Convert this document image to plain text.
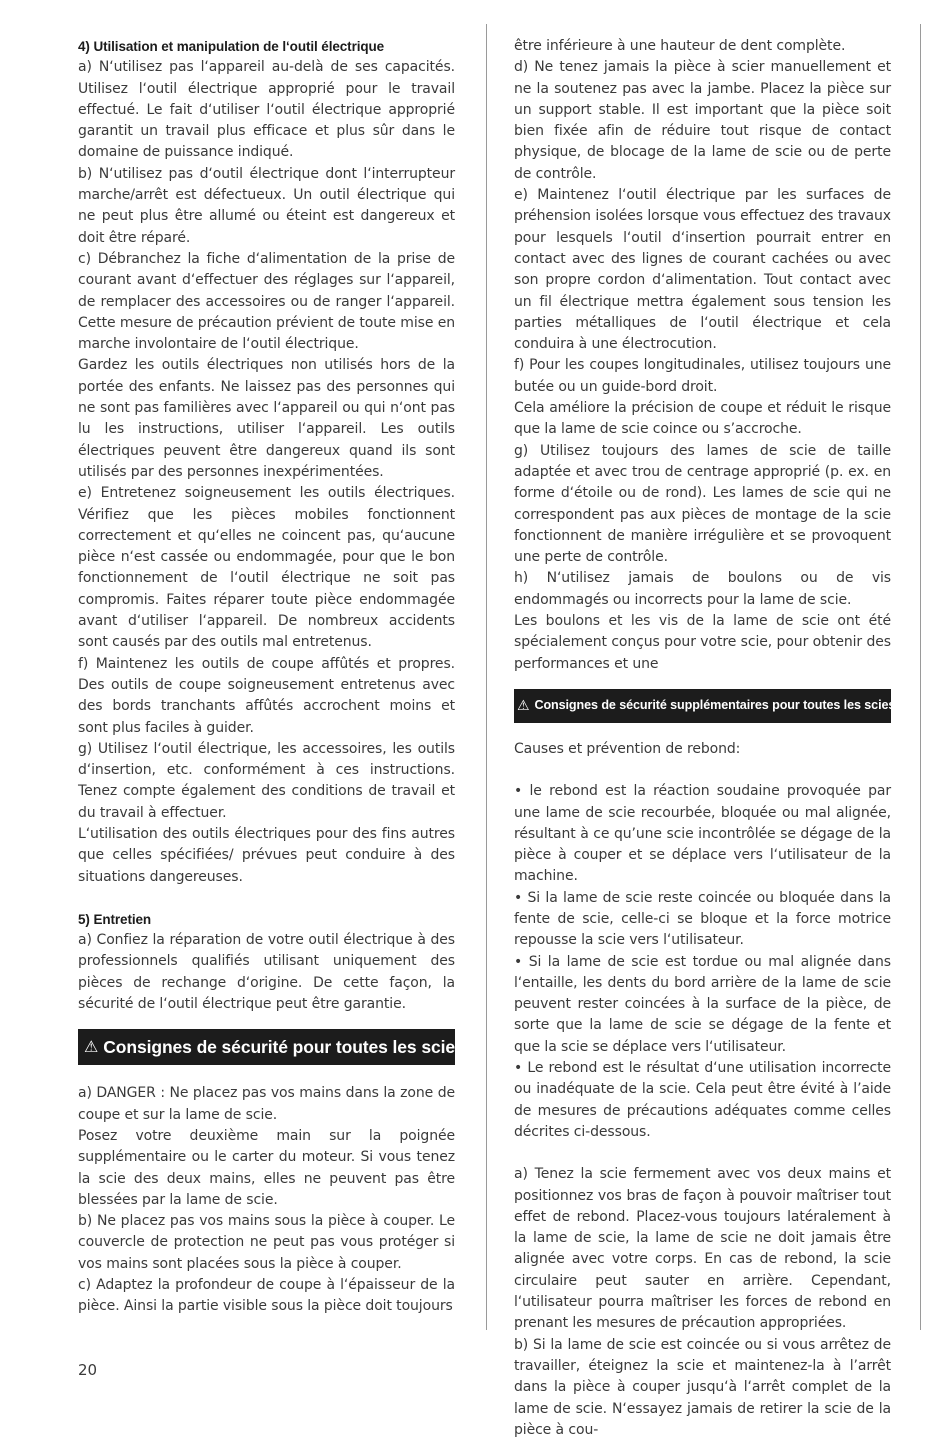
4) Utilisation et manipulation de l‘outil électrique

a) N‘utilisez pas l‘appareil au-delà de ses capacités. Utilisez l‘outil électrique approprié pour le travail effectué. Le fait d‘utiliser l‘outil électrique approprié garantit un travail plus efficace et plus sûr dans le domaine de puissance indiqué.

b) N‘utilisez pas d‘outil électrique dont l‘interrupteur marche/arrêt est défectueux. Un outil électrique qui ne peut plus être allumé ou éteint est dangereux et doit être réparé.

c) Débranchez la fiche d‘alimentation de la prise de courant avant d‘effectuer des réglages sur l‘appareil, de remplacer des accessoires ou de ranger l‘appareil. Cette mesure de précaution prévient de toute mise en marche involontaire de l‘outil électrique.

Gardez les outils électriques non utilisés hors de la portée des enfants. Ne laissez pas des personnes qui ne sont pas familières avec l‘appareil ou qui n‘ont pas lu les instructions, utiliser l‘appareil. Les outils électriques peuvent être dangereux quand ils sont utilisés par des personnes inexpérimentées.

e) Entretenez soigneusement les outils électriques. Vérifiez que les pièces mobiles fonctionnent correctement et qu‘elles ne coincent pas, qu‘aucune pièce n‘est cassée ou endommagée, pour que le bon fonctionnement de l‘outil électrique ne soit pas compromis. Faites réparer toute pièce endommagée avant d‘utiliser l‘appareil. De nombreux accidents sont causés par des outils mal entretenus.

f) Maintenez les outils de coupe affûtés et propres. Des outils de coupe soigneusement entretenus avec des bords tranchants affûtés accrochent moins et sont plus faciles à guider.

g) Utilisez l‘outil électrique, les accessoires, les outils d‘insertion, etc. conformément à ces instructions. Tenez compte également des conditions de travail et du travail à effectuer.

L‘utilisation des outils électriques pour des fins autres que celles spécifiées/ prévues peut conduire à des situations dangereuses.

5) Entretien

a) Confiez la réparation de votre outil électrique à des professionnels qualifiés utilisant uniquement des pièces de rechange d‘origine. De cette façon, la sécurité de l‘outil électrique peut être garantie.

⚠ Consignes de sécurité pour toutes les scies

a) DANGER : Ne placez pas vos mains dans la zone de coupe et sur la lame de scie.

Posez votre deuxième main sur la poignée supplémentaire ou le carter du moteur. Si vous tenez la scie des deux mains, elles ne peuvent pas être blessées par la lame de scie.

b) Ne placez pas vos mains sous la pièce à couper. Le couvercle de protection ne peut pas vous protéger si vos mains sont placées sous la pièce à couper.

c) Adaptez la profondeur de coupe à l‘épaisseur de la pièce. Ainsi la partie visible sous la pièce doit toujours

être inférieure à une hauteur de dent complète.

d) Ne tenez jamais la pièce à scier manuellement et ne la soutenez pas avec la jambe. Placez la pièce sur un support stable. Il est important que la pièce soit bien fixée afin de réduire tout risque de contact physique, de blocage de la lame de scie ou de perte de contrôle.

e) Maintenez l‘outil électrique par les surfaces de préhension isolées lorsque vous effectuez des travaux pour lesquels l‘outil d‘insertion pourrait entrer en contact avec des lignes de courant cachées ou avec son propre cordon d‘alimentation. Tout contact avec un fil électrique mettra également sous tension les parties métalliques de l‘outil électrique et cela conduira à une électrocution.

f) Pour les coupes longitudinales, utilisez toujours une butée ou un guide-bord droit.

Cela améliore la précision de coupe et réduit le risque que la lame de scie coince ou s’accroche.

g) Utilisez toujours des lames de scie de taille adaptée et avec trou de centrage approprié (p. ex. en forme d‘étoile ou de rond). Les lames de scie qui ne correspondent pas aux pièces de montage de la scie fonctionnent de manière irrégulière et se provoquent une perte de contrôle.

h) N‘utilisez jamais de boulons ou de vis endommagés ou incorrects pour la lame de scie.

Les boulons et les vis de la lame de scie ont été spécialement conçus pour votre scie, pour obtenir des performances et une

⚠ Consignes de sécurité supplémentaires pour toutes les scies

Causes et prévention de rebond:

• le rebond est la réaction soudaine provoquée par une lame de scie recourbée, bloquée ou mal alignée, résultant à ce qu’une scie incontrôlée se dégage de la pièce à couper et se déplace vers l‘utilisateur de la machine.

• Si la lame de scie reste coincée ou bloquée dans la fente de scie, celle-ci se bloque et la force motrice repousse la scie vers l‘utilisateur.

• Si la lame de scie est tordue ou mal alignée dans l‘entaille, les dents du bord arrière de la lame de scie peuvent rester coincées à la surface de la pièce, de sorte que la lame de scie se dégage de la fente et que la scie se déplace vers l‘utilisateur.

• Le rebond est le résultat d‘une utilisation incorrecte ou inadéquate de la scie. Cela peut être évité à l’aide de mesures de précautions adéquates comme celles décrites ci-dessous.

a) Tenez la scie fermement avec vos deux mains et positionnez vos bras de façon à pouvoir maîtriser tout effet de rebond. Placez-vous toujours latéralement à la lame de scie, la lame de scie ne doit jamais être alignée avec votre corps. En cas de rebond, la scie circulaire peut sauter en arrière. Cependant, l‘utilisateur pourra maîtriser les forces de rebond en prenant les mesures de précaution appropriées.

b) Si la lame de scie est coincée ou si vous arrêtez de travailler, éteignez la scie et maintenez-la à l’arrêt dans la pièce à couper jusqu‘à l‘arrêt complet de la lame de scie. N‘essayez jamais de retirer la scie de la pièce à cou-

20
